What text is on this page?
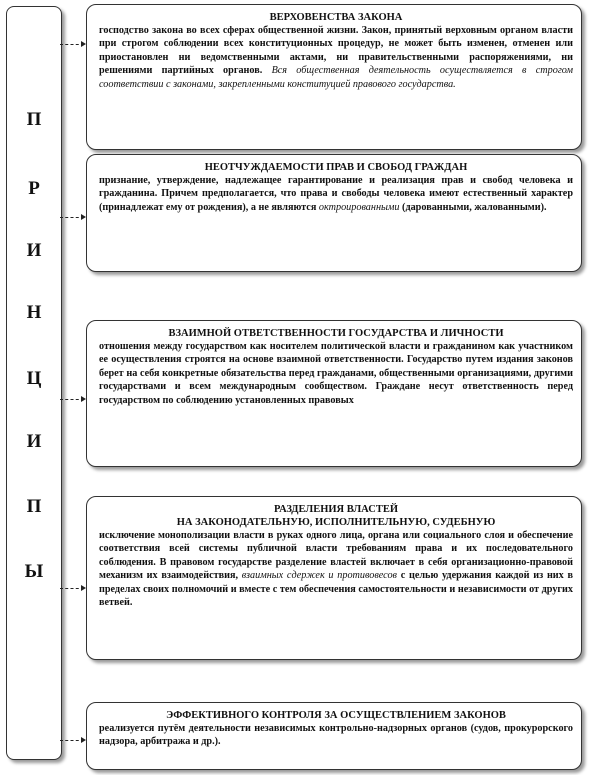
П
Р
И
Н
Ц
И
П
Ы
ВЕРХОВЕНСТВА ЗАКОНА
господство закона во всех сферах общественной жизни. Закон, принятый верховным органом власти при строгом соблюдении всех конституционных процедур, не может быть изменен, отменен или приостановлен ни ведомственными актами, ни правительственными распоряжениями, ни решениями партийных органов. Вся общественная деятельность осуществляется в строгом соответствии с законами, закрепленными конституцией правового государства.
НЕОТЧУЖДАЕМОСТИ ПРАВ И СВОБОД ГРАЖДАН
признание, утверждение, надлежащее гарантирование и реализация прав и свобод человека и гражданина. Причем предполагается, что права и свободы человека имеют естественный характер (принадлежат ему от рождения), а не являются октроированными (дарованными, жалованными).
ВЗАИМНОЙ ОТВЕТСТВЕННОСТИ ГОСУДАРСТВА И ЛИЧНОСТИ
отношения между государством как носителем политической власти и гражданином как участником ее осуществления строятся на основе взаимной ответственности. Государство путем издания законов берет на себя конкретные обязательства перед гражданами, общественными организациями, другими государствами и всем международным сообществом. Граждане несут ответственность перед государством по соблюдению установленных правовых
РАЗДЕЛЕНИЯ ВЛАСТЕЙ
НА ЗАКОНОДАТЕЛЬНУЮ, ИСПОЛНИТЕЛЬНУЮ, СУДЕБНУЮ
исключение монополизации власти в руках одного лица, органа или социального слоя и обеспечение соответствия всей системы публичной власти требованиям права и их последовательного соблюдения. В правовом государстве разделение властей включает в себя организационно-правовой механизм их взаимодействия, взаимных сдержек и противовесов с целью удержания каждой из них в пределах своих полномочий и вместе с тем обеспечения самостоятельности и независимости от других ветвей.
ЭФФЕКТИВНОГО КОНТРОЛЯ ЗА ОСУЩЕСТВЛЕНИЕМ ЗАКОНОВ
реализуется путём деятельности независимых контрольно-надзорных органов (судов, прокурорского надзора, арбитража и др.).
